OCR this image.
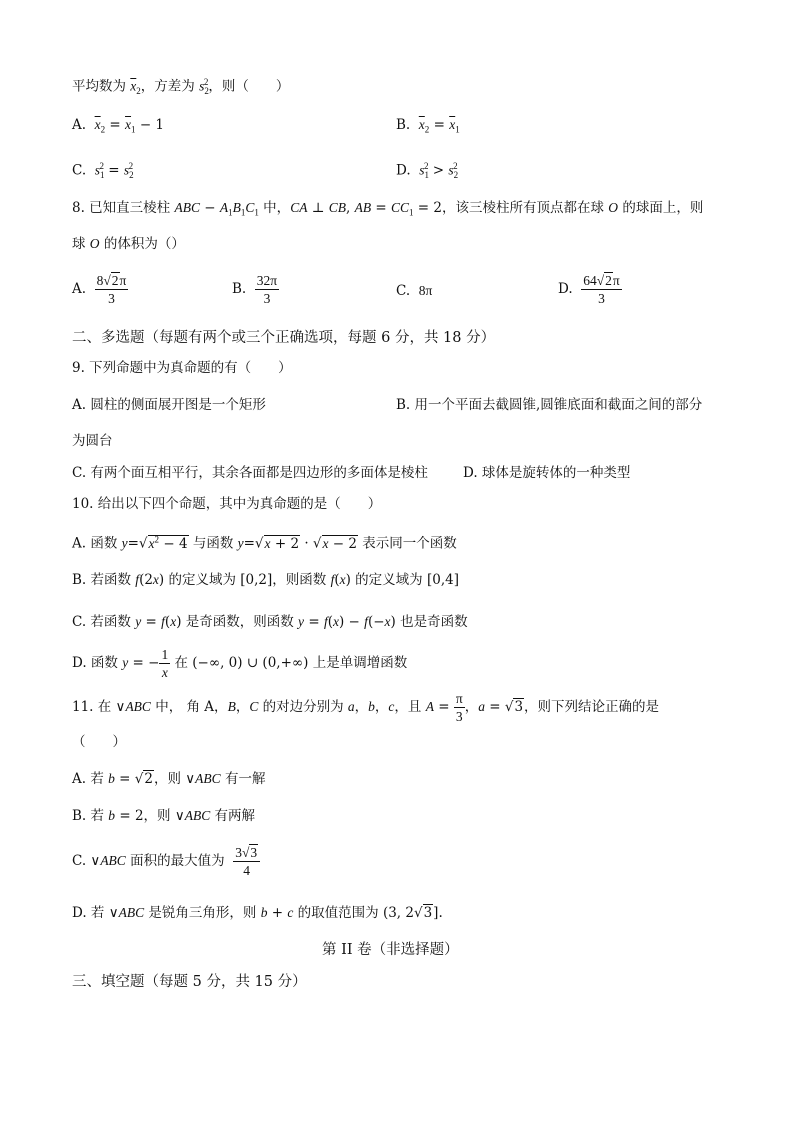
平均数为 $\overline{x}_2$，方差为 $s_2^2$，则（　　）
A.  $\overline{x}_2 = \overline{x}_1 - 1$	B.  $\overline{x}_2 = \overline{x}_1$
C.  $s_1^2 = s_2^2$	D.  $s_1^2 > s_2^2$
8. 已知直三棱柱 ABC − $A_1B_1C_1$ 中，CA ⊥ CB, AB = $CC_1 = 2$，该三棱柱所有顶点都在球 O 的球面上，则
球 O 的体积为（）
A. $\frac{8√2\pi}{3}$	B. $\frac{32\pi}{3}$	C.  8π	D. $\frac{64√2\pi}{3}$
二、多选题（每题有两个或三个正确选项，每题 6 分，共 18 分）
9. 下列命题中为真命题的有（　　）
A. 圆柱的侧面展开图是一个矩形	B. 用一个平面去截圆锥,圆锥底面和截面之间的部分
为圆台
C. 有两个面互相平行，其余各面都是四边形的多面体是棱柱	D. 球体是旋转体的一种类型
10. 给出以下四个命题，其中为真命题的是（　　）
A. 函数 $y=√x^2 - 4$ 与函数 y=√x + 2 · √x − 2 表示同一个函数
B. 若函数 f(2x) 的定义域为 [0,2]，则函数 f(x) 的定义域为 [0,4]
C. 若函数 y = f(x) 是奇函数，则函数 y = f(x) − f(−x) 也是奇函数
D. 函数 y = − $\frac{1}{x}$ 在 (−∞, 0) ∪ (0,+∞) 上是单调增函数
11. 在 ∨ABC 中， 角 A，B，C 的对边分别为 a，b，c，且 $A = \frac{\pi}{3}$ ，a = √3，则下列结论正确的是
（　　）
A. 若 b = √2，则 ∨ABC 有一解
B. 若 b = 2，则 ∨ABC 有两解
C. ∨ABC 面积的最大值为 $\frac{3√3}{4}$
D. 若 ∨ABC 是锐角三角形，则 b + c 的取值范围为 (3, 2√3].
第 II 卷（非选择题）
三、填空题（每题 5 分，共 15 分）
